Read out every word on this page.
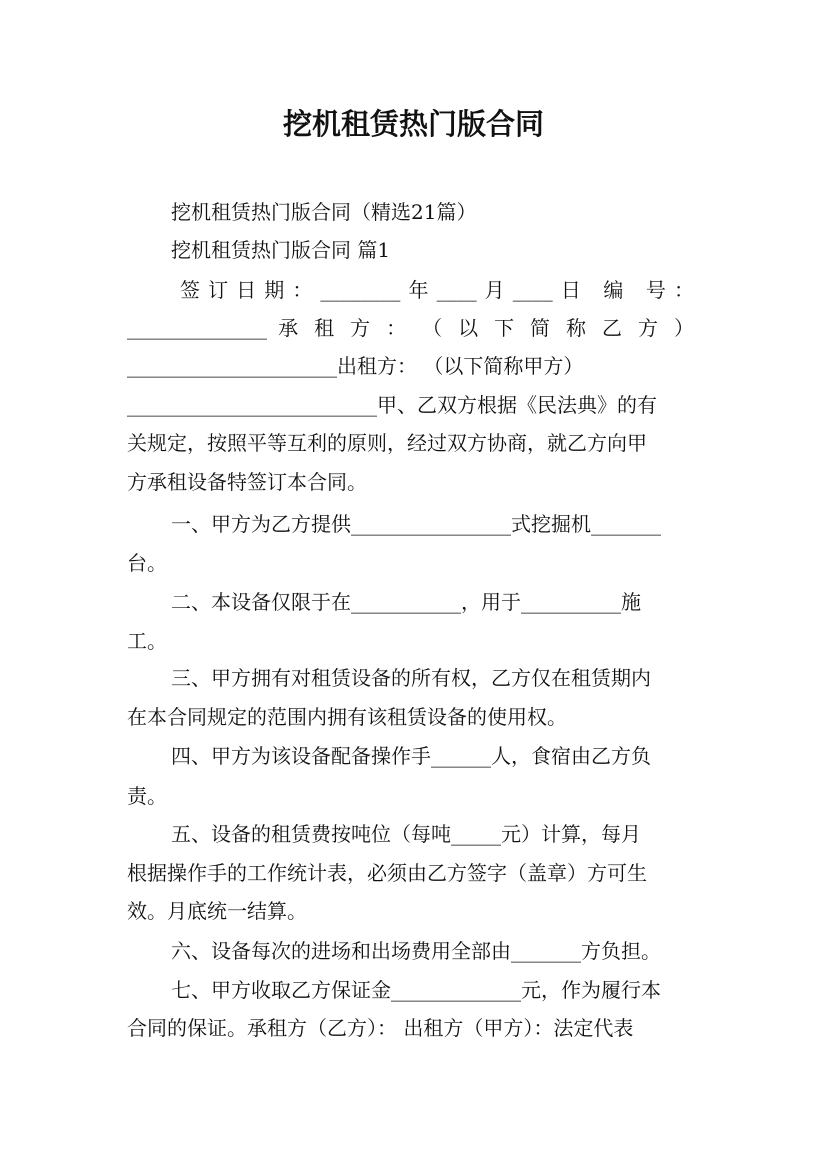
挖机租赁热门版合同
挖机租赁热门版合同（精选21篇）
挖机租赁热门版合同 篇1
签订日期：________年____月____日 编 号：
______________ 承 租 方 ： （ 以 下 简 称 乙 方 ）
_____________________出租方： （以下简称甲方）
_________________________甲、乙双方根据《民法典》的有
关规定，按照平等互利的原则，经过双方协商，就乙方向甲
方承租设备特签订本合同。
一、甲方为乙方提供________________式挖掘机_______
台。
二、本设备仅限于在___________，用于__________施
工。
三、甲方拥有对租赁设备的所有权，乙方仅在租赁期内
在本合同规定的范围内拥有该租赁设备的使用权。
四、甲方为该设备配备操作手______人，食宿由乙方负
责。
五、设备的租赁费按吨位（每吨_____元）计算，每月
根据操作手的工作统计表，必须由乙方签字（盖章）方可生
效。月底统一结算。
六、设备每次的进场和出场费用全部由_______方负担。
七、甲方收取乙方保证金_____________元，作为履行本
合同的保证。承租方（乙方）： 出租方（甲方）：法定代表
